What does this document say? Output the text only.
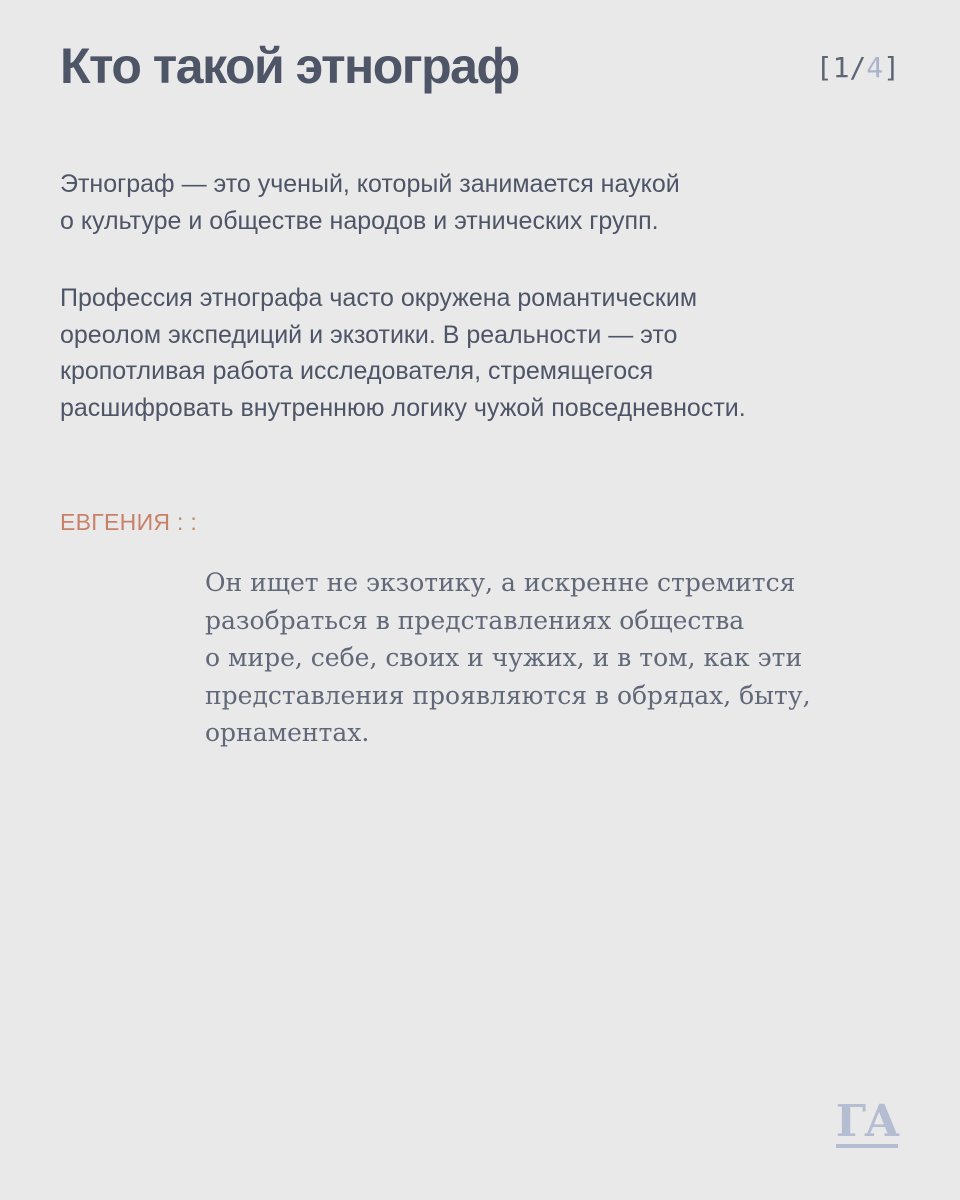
Кто такой этнограф	[1/4]

Этнограф — это ученый, который занимается наукой
о культуре и обществе народов и этнических групп.

Профессия этнографа часто окружена романтическим
ореолом экспедиций и экзотики. В реальности — это
кропотливая работа исследователя, стремящегося
расшифровать внутреннюю логику чужой повседневности.

ЕВГЕНИЯ : :

Он ищет не экзотику, а искренне стремится
разобраться в представлениях общества
о мире, себе, своих и чужих, и в том, как эти
представления проявляются в обрядах, быту,
орнаментах.

ГА
